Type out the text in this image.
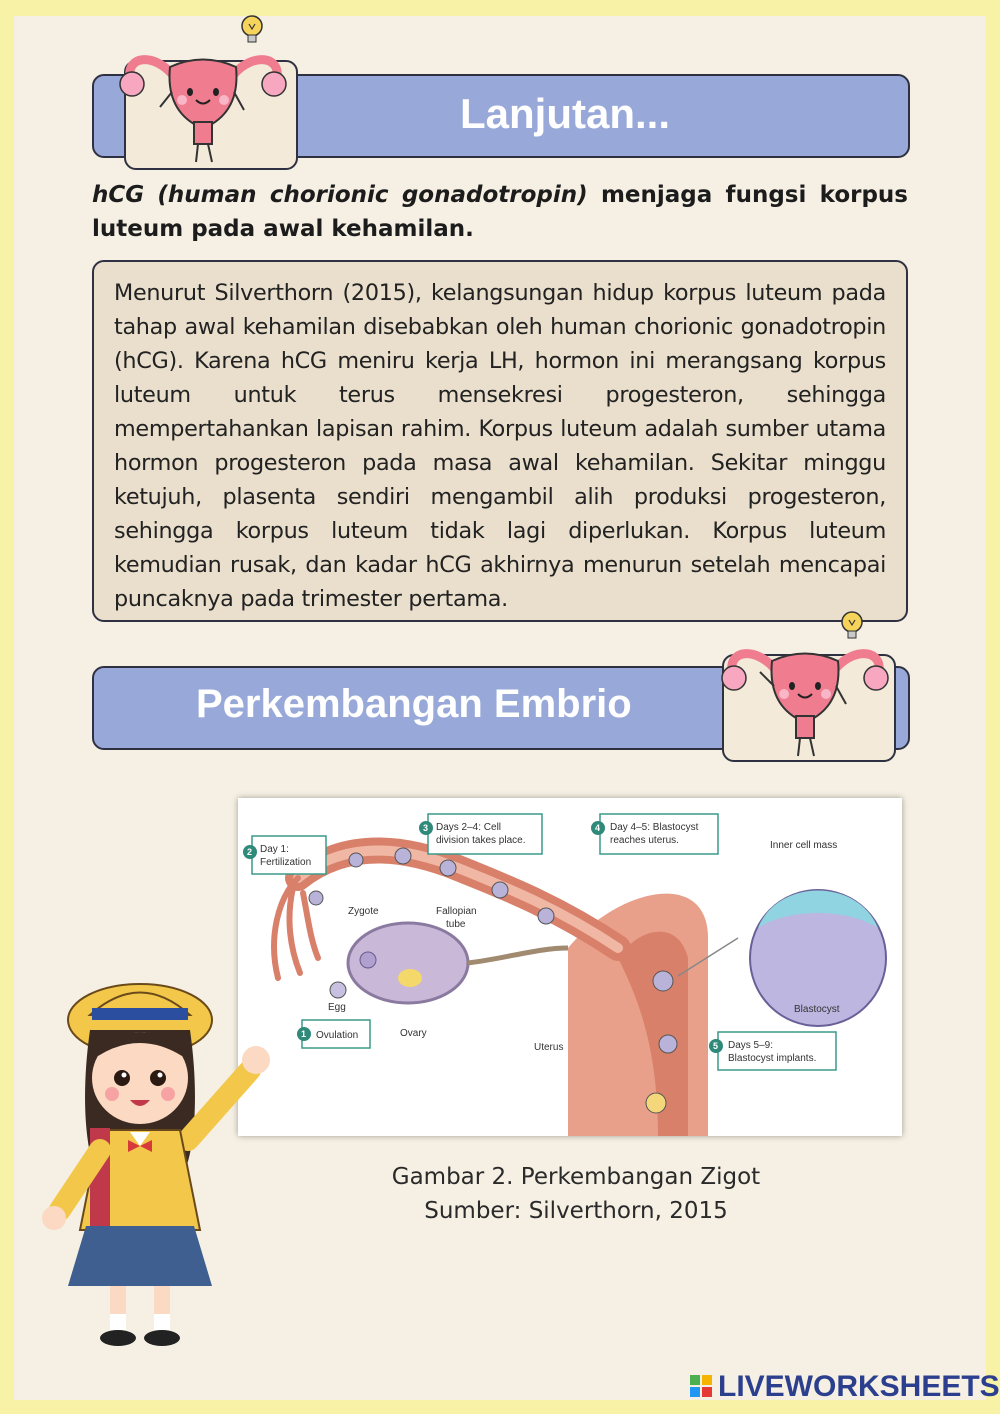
Lanjutan...
hCG (human chorionic gonadotropin) menjaga fungsi korpus luteum pada awal kehamilan.

Menurut Silverthorn (2015), kelangsungan hidup korpus luteum pada tahap awal kehamilan disebabkan oleh human chorionic gonadotropin (hCG). Karena hCG meniru kerja LH, hormon ini merangsang korpus luteum untuk terus mensekresi progesteron, sehingga mempertahankan lapisan rahim. Korpus luteum adalah sumber utama hormon progesteron pada masa awal kehamilan. Sekitar minggu ketujuh, plasenta sendiri mengambil alih produksi progesteron, sehingga korpus luteum tidak lagi diperlukan. Korpus luteum kemudian rusak, dan kadar hCG akhirnya menurun setelah mencapai puncaknya pada trimester pertama.

Perkembangan Embrio
Zygote	Fallopian
tube
Egg
Ovary
Uterus
Inner cell mass
Blastocyst
2 Day 1:
Fertilization
3 Days 2–4: Cell
division takes place.
4 Day 4–5: Blastocyst
reaches uterus.
1 Ovulation
5 Days 5–9:
Blastocyst implants.
Gambar 2. Perkembangan Zigot
Sumber: Silverthorn, 2015
LIVEWORKSHEETS
